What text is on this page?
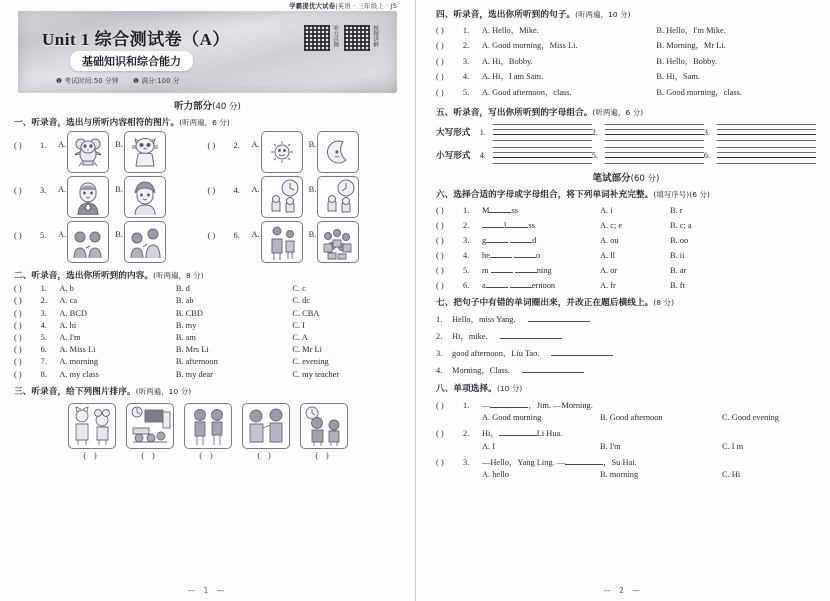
学霸提优大试卷|英语 · 三年级上 · JS
Unit 1 综合测试卷（A）
基础知识和综合能力
❶ 考试时间:50 分钟 ❶ 满分:100 分
听力音频	视频讲解
听力部分(40 分)
一、听录音，选出与所听内容相符的图片。(听两遍，6 分)
( )	1.	A.	B.	( )	2.	A.	B.
( )	3.	A.	B.	( )	4.	A.	B.
( )	5.	A.	B.	( )	6.	A.	B.
二、听录音，选出你所听到的内容。(听两遍，8 分)
( )	1.	A. b	B. d	C. c
( )	2.	A. ca	B. ab	C. dc
( )	3.	A. BCD	B. CBD	C. CBA
( )	4.	A. hi	B. my	C. I
( )	5.	A. I'm	B. am	C. A
( )	6.	A. Miss Li	B. Mrs Li	C. Mr Li
( )	7.	A. morning	B. afternoon	C. evening
( )	8.	A. my class	B. my dear	C. my teacher
三、听录音，给下列图片排序。(听两遍，10 分)
( )	( )	( )	( )	( )
— 1 —
四、听录音，选出你所听到的句子。(听两遍，10 分)
( )	1.	A. Hello，Mike.	B. Hello，I'm Mike.
( )	2.	A. Good morning，Miss Li.	B. Morning，Mr Li.
( )	3.	A. Hi，Bobby.	B. Hello，Bobby.
( )	4.	A. Hi，I am Sam.	B. Hi，Sam.
( )	5.	A. Good afternoon，class.	B. Good morning，class.
五、听录音，写出你所听到的字母组合。(听两遍，6 分)
大写形式	1.	2.	3.
小写形式	4.	5.	6.
笔试部分(60 分)
六、选择合适的字母或字母组合，将下列单词补充完整。(填写序号)(6 分)
( )	1.	M	ss	A. i	B. r
( )	2.	l	ss	A. c; e	B. c; a
( )	3.	g	d	A. ou	B. oo
( )	4.	he	o	A. ll	B. ii
( )	5.	m	ning	A. or	B. ar
( )	6.	a	ernoon	A. fr	B. ft
七、把句子中有错的单词圈出来，并改正在题后横线上。(8 分)
1.	Hello，miss Yang.
2.	Hi，mike.
3.	good afternoon，Liu Tao.
4.	Morning，Class.
八、单项选择。(10 分)
( )	1.	—	，Jim. —Morning.
A. Good morning	B. Good afternoon	C. Good evening
( )	2.	Hi，	Li Hua.
A. I	B. I'm	C. I m
( )	3.	—Hello，Yang Ling. —	，Su Hai.
A. hello	B. morning	C. Hi
— 2 —
